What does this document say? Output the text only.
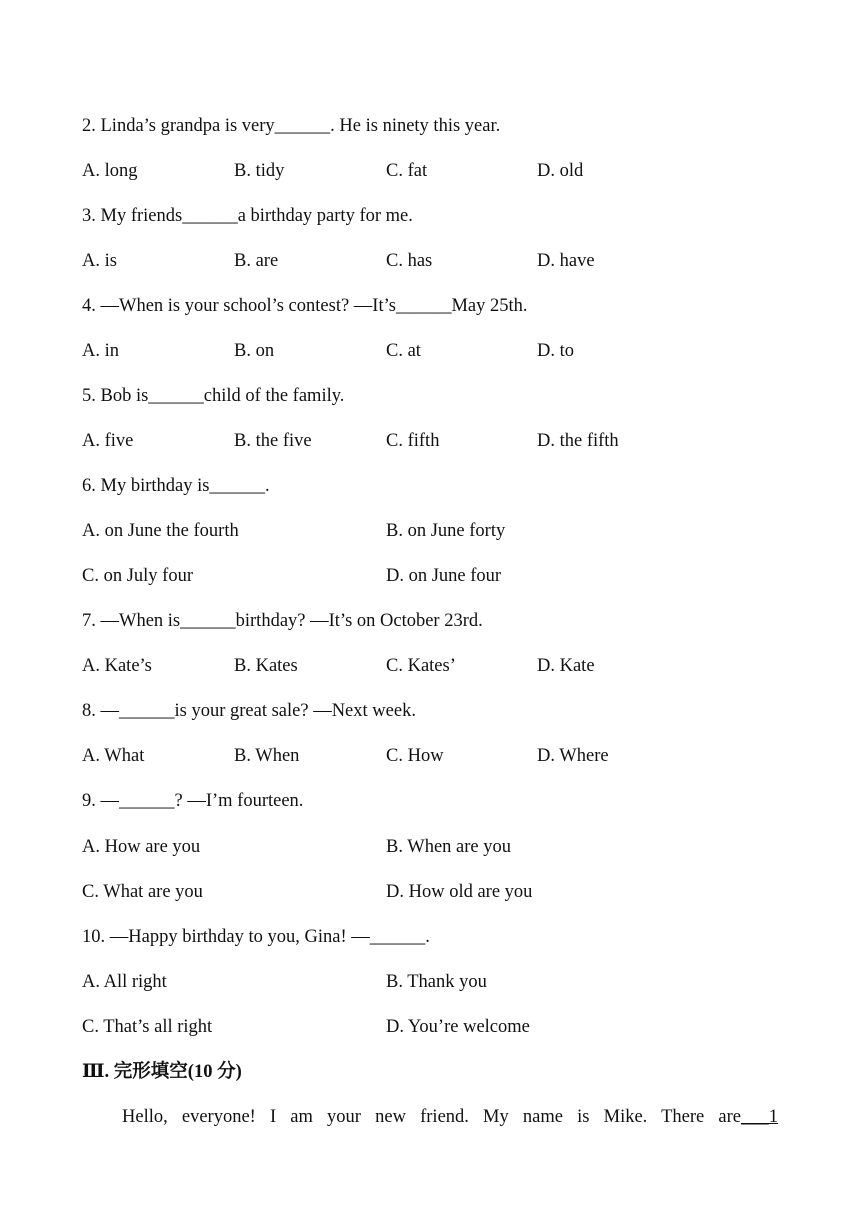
2. Linda’s grandpa is very______. He is ninety this year.
A. long	B. tidy	C. fat	D. old
3. My friends______a birthday party for me.
A. is	B. are	C. has	D. have
4. —When is your school’s contest? —It’s______May 25th.
A. in	B. on	C. at	D. to
5. Bob is______child of the family.
A. five	B. the five	C. fifth	D. the fifth
6. My birthday is______.
A. on June the fourth	B. on June forty
C. on July four	D. on June four
7. —When is______birthday? —It’s on October 23rd.
A. Kate’s	B. Kates	C. Kates’	D. Kate
8. —______is your great sale? —Next week.
A. What	B. When	C. How	D. Where
9. —______? —I’m fourteen.
A. How are you	B. When are you
C. What are you	D. How old are you
10. —Happy birthday to you, Gina! —______.
A. All right	B. Thank you
C. That’s all right	D. You’re welcome
Ⅲ. 完形填空(10 分)
Hello, everyone! I am your new friend. My name is Mike. There are___1
